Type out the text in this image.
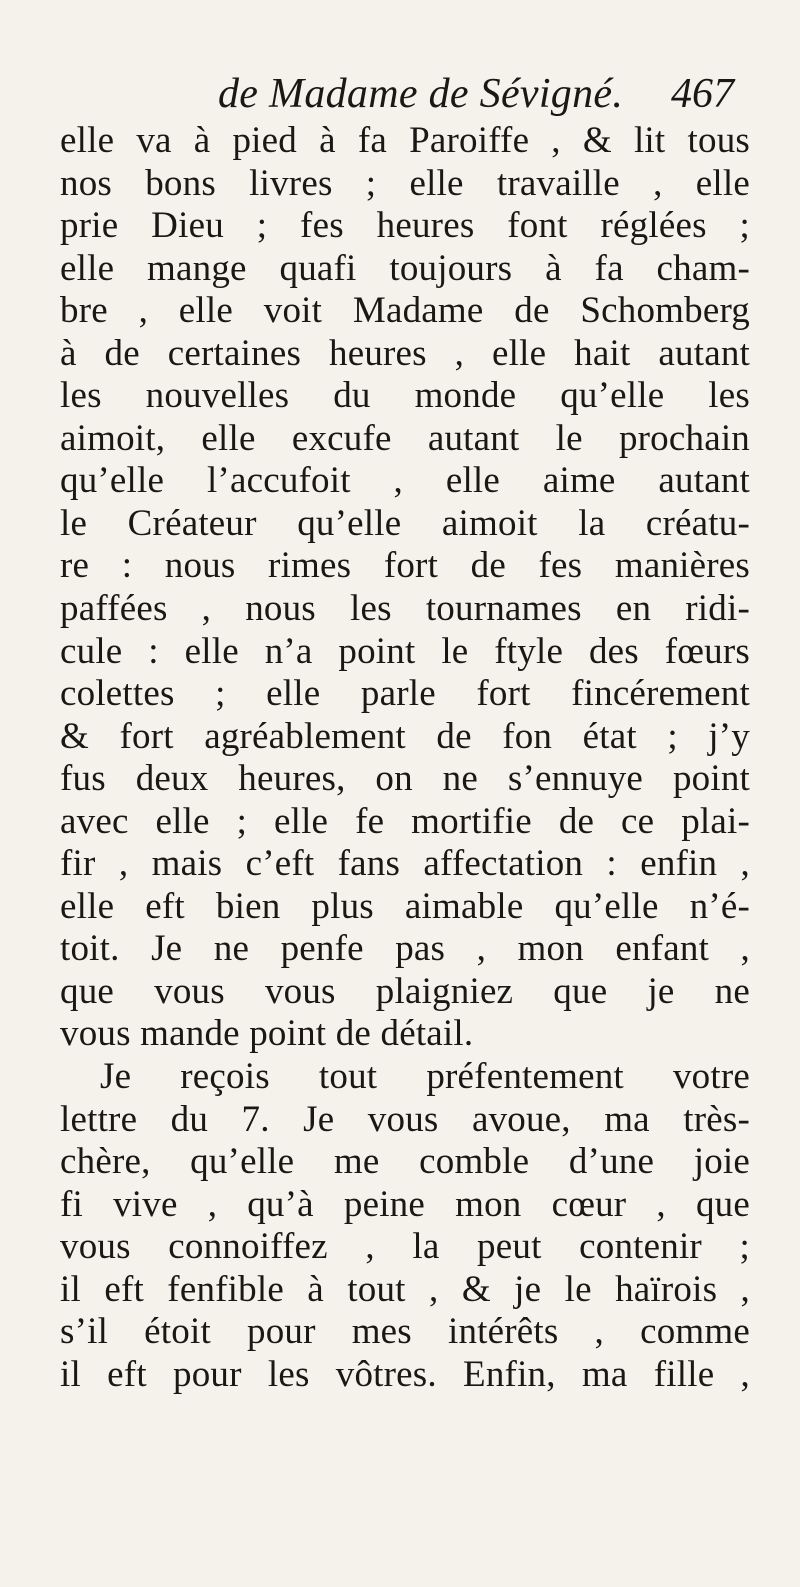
de Madame de Sévigné. 467
elle va à pied à fa Paroiffe , & lit tous
nos bons livres ; elle travaille , elle
prie Dieu ; fes heures font réglées ;
elle mange quafi toujours à fa cham-
bre , elle voit Madame de Schomberg
à de certaines heures , elle hait autant
les nouvelles du monde qu’elle les
aimoit, elle excufe autant le prochain
qu’elle l’accufoit , elle aime autant
le Créateur qu’elle aimoit la créatu-
re : nous rimes fort de fes manières
paffées , nous les tournames en ridi-
cule : elle n’a point le ftyle des fœurs
colettes ; elle parle fort fincérement
& fort agréablement de fon état ; j’y
fus deux heures, on ne s’ennuye point
avec elle ; elle fe mortifie de ce plai-
fir , mais c’eft fans affectation : enfin ,
elle eft bien plus aimable qu’elle n’é-
toit. Je ne penfe pas , mon enfant ,
que vous vous plaigniez que je ne
vous mande point de détail.
Je reçois tout préfentement votre
lettre du 7. Je vous avoue, ma très-
chère, qu’elle me comble d’une joie
fi vive , qu’à peine mon cœur , que
vous connoiffez , la peut contenir ;
il eft fenfible à tout , & je le haïrois ,
s’il étoit pour mes intérêts , comme
il eft pour les vôtres. Enfin, ma fille ,
